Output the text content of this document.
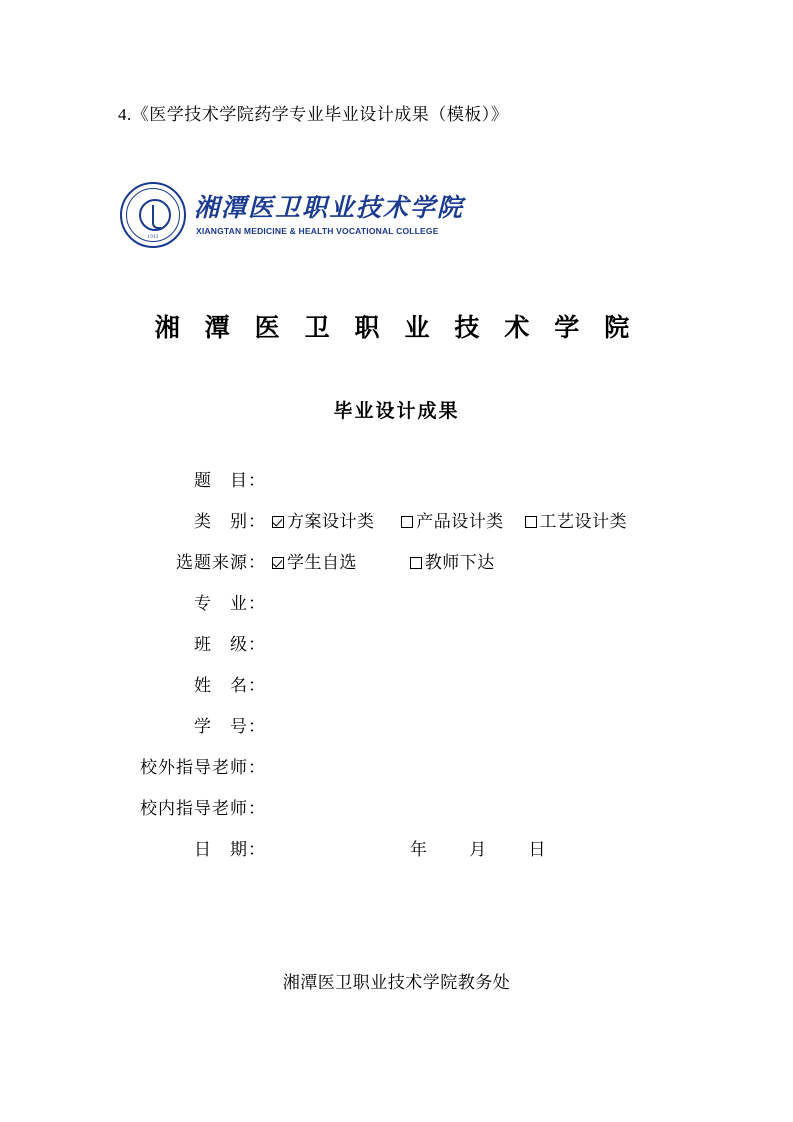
4.《医学技术学院药学专业毕业设计成果（模板）》
1913
湘潭医卫职业技术学院
XIANGTAN MEDICINE & HEALTH VOCATIONAL COLLEGE
湘 潭 医 卫 职 业 技 术 学 院
毕业设计成果
题　目：
类　别：	方案设计类 产品设计类 工艺设计类
选题来源：	学生自选	教师下达
专　业：
班　级：
姓　名：
学　号：
校外指导老师：
校内指导老师：
日　期：	年 月 日
湘潭医卫职业技术学院教务处
